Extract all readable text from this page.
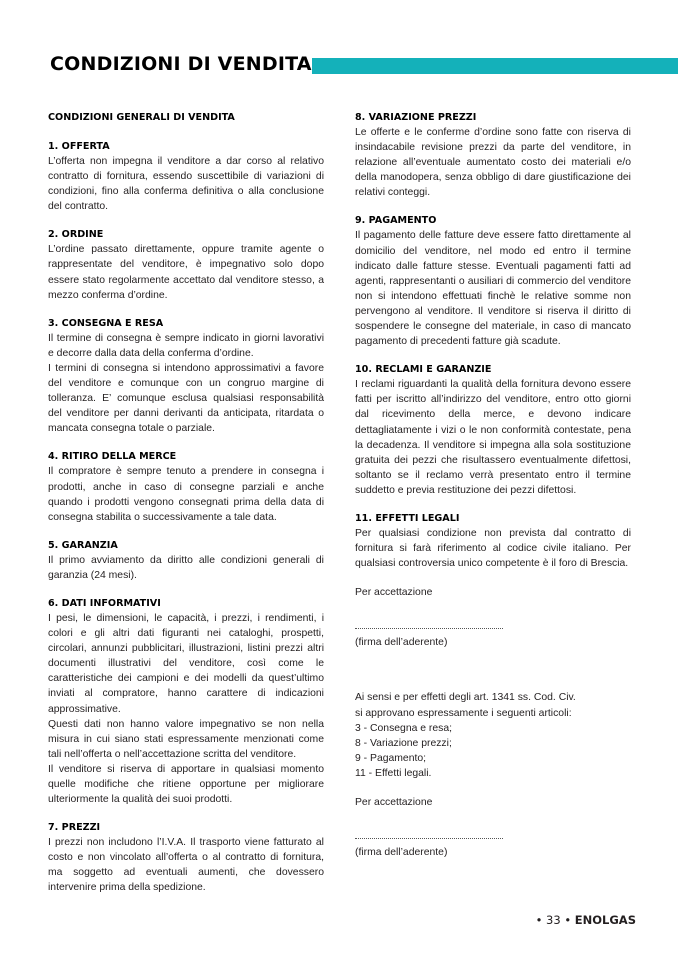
CONDIZIONI DI VENDITA
CONDIZIONI GENERALI DI VENDITA
1. OFFERTA

L’offerta non impegna il venditore a dar corso al relativo contratto di fornitura, essendo suscettibile di variazioni di condizioni, fino alla conferma definitiva o alla conclusione del contratto.

2. ORDINE

L’ordine passato direttamente, oppure tramite agente o rappresentate del venditore, è impegnativo solo dopo essere stato regolarmente accettato dal venditore stesso, a mezzo conferma d’ordine.

3. CONSEGNA E RESA

Il termine di consegna è sempre indicato in giorni lavorativi e decorre dalla data della conferma d’ordine.

I termini di consegna si intendono approssimativi a favore del venditore e comunque con un congruo margine di tolleranza. E’ comunque esclusa qualsiasi responsabilità del venditore per danni derivanti da anticipata, ritardata o mancata consegna totale o parziale.

4. RITIRO DELLA MERCE

Il compratore è sempre tenuto a prendere in consegna i prodotti, anche in caso di consegne parziali e anche quando i prodotti vengono consegnati prima della data di consegna stabilita o successivamente a tale data.

5. GARANZIA

Il primo avviamento da diritto alle condizioni generali di garanzia (24 mesi).

6. DATI INFORMATIVI

I pesi, le dimensioni, le capacità, i prezzi, i rendimenti, i colori e gli altri dati figuranti nei cataloghi, prospetti, circolari, annunzi pubblicitari, illustrazioni, listini prezzi altri documenti illustrativi del venditore, così come le caratteristiche dei campioni e dei modelli da quest’ultimo inviati al compratore, hanno carattere di indicazioni approssimative.

Questi dati non hanno valore impegnativo se non nella misura in cui siano stati espressamente menzionati come tali nell’offerta o nell’accettazione scritta del venditore.

Il venditore si riserva di apportare in qualsiasi momento quelle modifiche che ritiene opportune per migliorare ulteriormente la qualità dei suoi prodotti.

7. PREZZI

I prezzi non includono l’I.V.A. Il trasporto viene fatturato al costo e non vincolato all’offerta o al contratto di fornitura, ma soggetto ad eventuali aumenti, che dovessero intervenire prima della spedizione.

8. VARIAZIONE PREZZI

Le offerte e le conferme d’ordine sono fatte con riserva di insindacabile revisione prezzi da parte del venditore, in relazione all’eventuale aumentato costo dei materiali e/o della manodopera, senza obbligo di dare giustificazione dei relativi conteggi.

9. PAGAMENTO

Il pagamento delle fatture deve essere fatto direttamente al domicilio del venditore, nel modo ed entro il termine indicato dalle fatture stesse. Eventuali pagamenti fatti ad agenti, rappresentanti o ausiliari di commercio del venditore non si intendono effettuati finchè le relative somme non pervengono al venditore. Il venditore si riserva il diritto di sospendere le consegne del materiale, in caso di mancato pagamento di precedenti fatture già scadute.

10. RECLAMI E GARANZIE

I reclami riguardanti la qualità della fornitura devono essere fatti per iscritto all’indirizzo del venditore, entro otto giorni dal ricevimento della merce, e devono indicare dettagliatamente i vizi o le non conformità contestate, pena la decadenza. Il venditore si impegna alla sola sostituzione gratuita dei pezzi che risultassero eventualmente difettosi, soltanto se il reclamo verrà presentato entro il termine suddetto e previa restituzione dei pezzi difettosi.

11. EFFETTI LEGALI

Per qualsiasi condizione non prevista dal contratto di fornitura si farà riferimento al codice civile italiano. Per qualsiasi controversia unico competente è il foro di Brescia.

Per accettazione
(firma dell’aderente)
Ai sensi e per effetti degli art. 1341 ss. Cod. Civ.
si approvano espressamente i seguenti articoli:
3 - Consegna e resa;
8 - Variazione prezzi;
9 - Pagamento;
11 - Effetti legali.
Per accettazione
(firma dell’aderente)
• 33 • ENOLGAS
